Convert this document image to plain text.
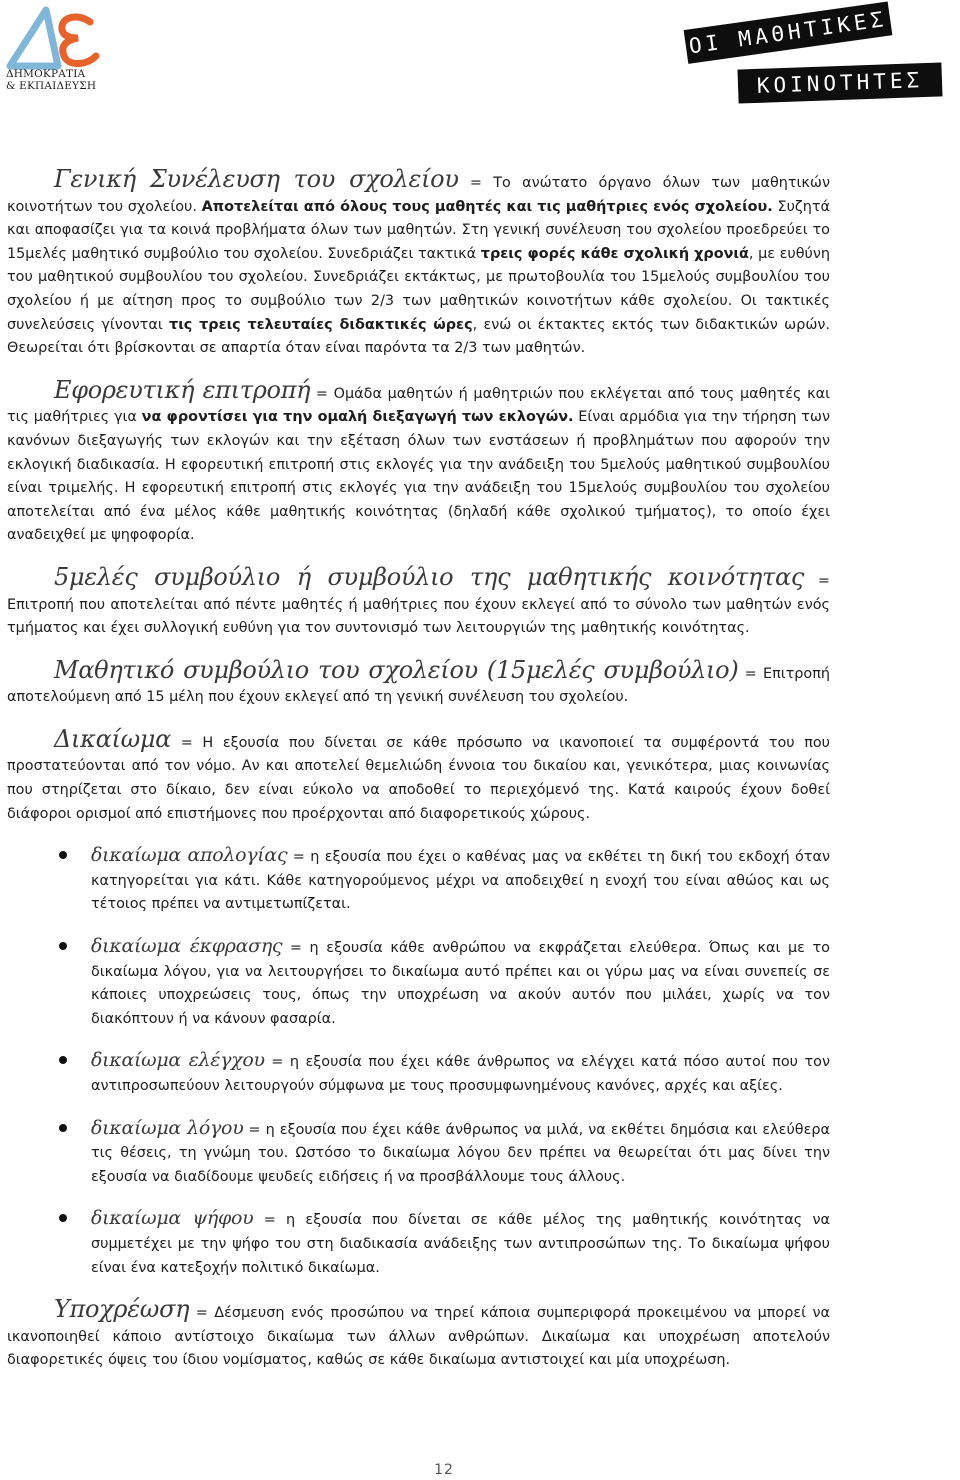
ΔΗΜΟΚΡΑΤΙΑ
& ΕΚΠΑΙΔΕΥΣΗ
ΟΙ ΜΑΘΗΤΙΚΕΣ
ΚΟΙΝΟΤΗΤΕΣ

Γενική Συνέλευση του σχολείου = Το ανώτατο όργανο όλων των μαθητικών κοινοτήτων του σχολείου. Αποτελείται από όλους τους μαθητές και τις μαθήτριες ενός σχολείου. Συζητά και αποφασίζει για τα κοινά προβλήματα όλων των μαθητών. Στη γενική συνέλευση του σχολείου προεδρεύει το 15μελές μαθητικό συμβούλιο του σχολείου. Συνεδριάζει τακτικά τρεις φορές κάθε σχολική χρονιά, με ευθύνη του μαθητικού συμβουλίου του σχολείου. Συνεδριάζει εκτάκτως, με πρωτοβουλία του 15μελούς συμβουλίου του σχολείου ή με αίτηση προς το συμβούλιο των 2/3 των μαθητικών κοινοτήτων κάθε σχολείου. Οι τακτικές συνελεύσεις γίνονται τις τρεις τελευταίες διδακτικές ώρες, ενώ οι έκτακτες εκτός των διδακτικών ωρών. Θεωρείται ότι βρίσκονται σε απαρτία όταν είναι παρόντα τα 2/3 των μαθητών.

Εφορευτική επιτροπή = Ομάδα μαθητών ή μαθητριών που εκλέγεται από τους μαθητές και τις μαθήτριες για να φροντίσει για την ομαλή διεξαγωγή των εκλογών. Είναι αρμόδια για την τήρηση των κανόνων διεξαγωγής των εκλογών και την εξέταση όλων των ενστάσεων ή προβλημάτων που αφορούν την εκλογική διαδικασία. Η εφορευτική επιτροπή στις εκλογές για την ανάδειξη του 5μελούς μαθητικού συμβουλίου είναι τριμελής. Η εφορευτική επιτροπή στις εκλογές για την ανάδειξη του 15μελούς συμβουλίου του σχολείου αποτελείται από ένα μέλος κάθε μαθητικής κοινότητας (δηλαδή κάθε σχολικού τμήματος), το οποίο έχει αναδειχθεί με ψηφοφορία.

5μελές συμβούλιο ή συμβούλιο της μαθητικής κοινότητας = Επιτροπή που αποτελείται από πέντε μαθητές ή μαθήτριες που έχουν εκλεγεί από το σύνολο των μαθητών ενός τμήματος και έχει συλλογική ευθύνη για τον συντονισμό των λειτουργιών της μαθητικής κοινότητας.

Μαθητικό συμβούλιο του σχολείου (15μελές συμβούλιο) = Επιτροπή αποτελούμενη από 15 μέλη που έχουν εκλεγεί από τη γενική συνέλευση του σχολείου.

Δικαίωμα = Η εξουσία που δίνεται σε κάθε πρόσωπο να ικανοποιεί τα συμφέροντά του που προστατεύονται από τον νόμο. Αν και αποτελεί θεμελιώδη έννοια του δικαίου και, γενικότερα, μιας κοινωνίας που στηρίζεται στο δίκαιο, δεν είναι εύκολο να αποδοθεί το περιεχόμενό της. Κατά καιρούς έχουν δοθεί διάφοροι ορισμοί από επιστήμονες που προέρχονται από διαφορετικούς χώρους.

δικαίωμα απολογίας = η εξουσία που έχει ο καθένας μας να εκθέτει τη δική του εκδοχή όταν κατηγορείται για κάτι. Κάθε κατηγορούμενος μέχρι να αποδειχθεί η ενοχή του είναι αθώος και ως τέτοιος πρέπει να αντιμετωπίζεται.
δικαίωμα έκφρασης = η εξουσία κάθε ανθρώπου να εκφράζεται ελεύθερα. Όπως και με το δικαίωμα λόγου, για να λειτουργήσει το δικαίωμα αυτό πρέπει και οι γύρω μας να είναι συνεπείς σε κάποιες υποχρεώσεις τους, όπως την υποχρέωση να ακούν αυτόν που μιλάει, χωρίς να τον διακόπτουν ή να κάνουν φασαρία.
δικαίωμα ελέγχου = η εξουσία που έχει κάθε άνθρωπος να ελέγχει κατά πόσο αυτοί που τον αντιπροσωπεύουν λειτουργούν σύμφωνα με τους προσυμφωνημένους κανόνες, αρχές και αξίες.
δικαίωμα λόγου = η εξουσία που έχει κάθε άνθρωπος να μιλά, να εκθέτει δημόσια και ελεύθερα τις θέσεις, τη γνώμη του. Ωστόσο το δικαίωμα λόγου δεν πρέπει να θεωρείται ότι μας δίνει την εξουσία να διαδίδουμε ψευδείς ειδήσεις ή να προσβάλλουμε τους άλλους.
δικαίωμα ψήφου = η εξουσία που δίνεται σε κάθε μέλος της μαθητικής κοινότητας να συμμετέχει με την ψήφο του στη διαδικασία ανάδειξης των αντιπροσώπων της. Το δικαίωμα ψήφου είναι ένα κατεξοχήν πολιτικό δικαίωμα.

Υποχρέωση = Δέσμευση ενός προσώπου να τηρεί κάποια συμπεριφορά προκειμένου να μπορεί να ικανοποιηθεί κάποιο αντίστοιχο δικαίωμα των άλλων ανθρώπων. Δικαίωμα και υποχρέωση αποτελούν διαφορετικές όψεις του ίδιου νομίσματος, καθώς σε κάθε δικαίωμα αντιστοιχεί και μία υποχρέωση.

12
